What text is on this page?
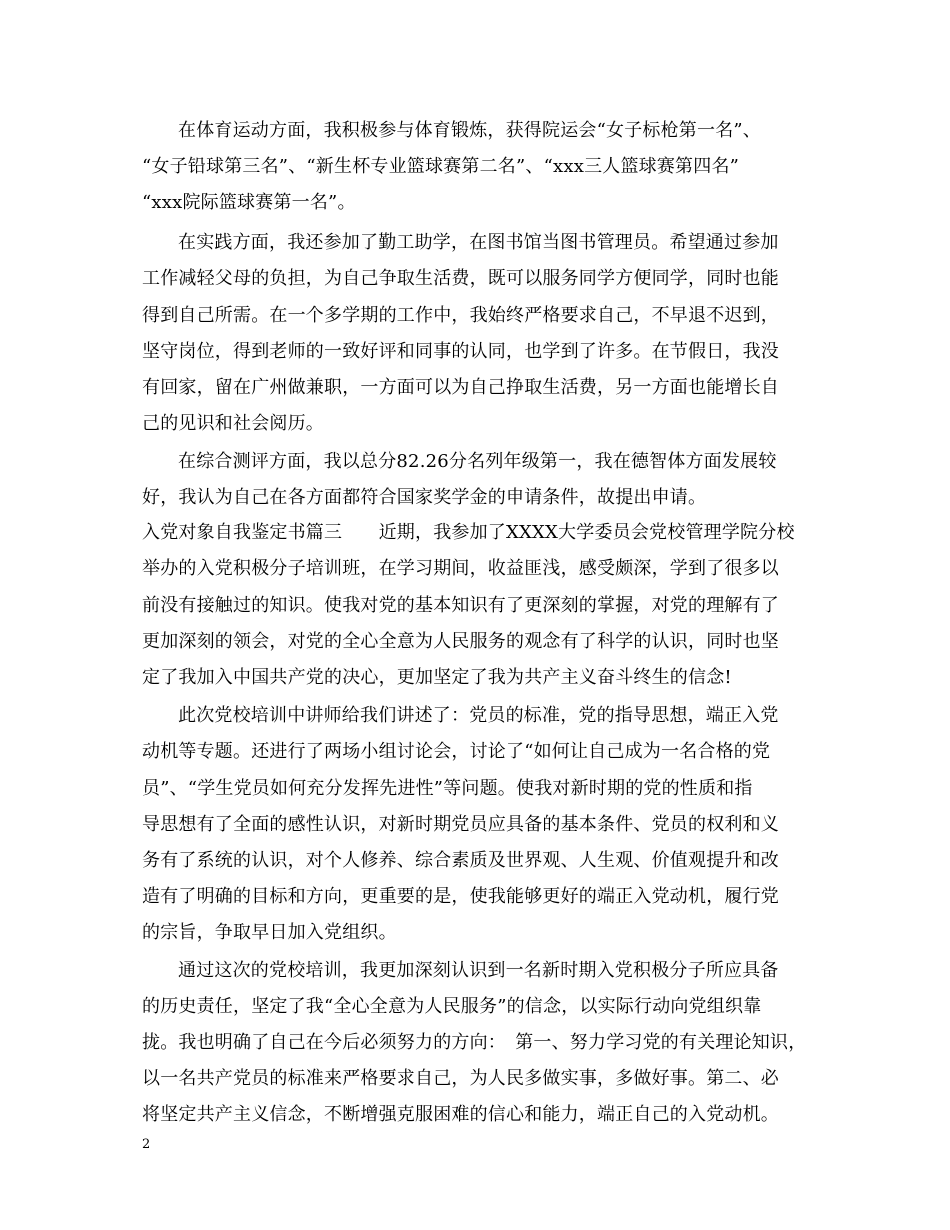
在体育运动方面，我积极参与体育锻炼，获得院运会“女子标枪第一名”、
“女子铅球第三名”、“新生杯专业篮球赛第二名”、“xxx三人篮球赛第四名”
“xxx院际篮球赛第一名”。
在实践方面，我还参加了勤工助学，在图书馆当图书管理员。希望通过参加
工作减轻父母的负担，为自己争取生活费，既可以服务同学方便同学，同时也能
得到自己所需。在一个多学期的工作中，我始终严格要求自己，不早退不迟到，
坚守岗位，得到老师的一致好评和同事的认同，也学到了许多。在节假日，我没
有回家，留在广州做兼职，一方面可以为自己挣取生活费，另一方面也能增长自
己的见识和社会阅历。
在综合测评方面，我以总分82.26分名列年级第一，我在德智体方面发展较
好，我认为自己在各方面都符合国家奖学金的申请条件，故提出申请。
入党对象自我鉴定书篇三　　近期，我参加了XXXX大学委员会党校管理学院分校
举办的入党积极分子培训班，在学习期间，收益匪浅，感受颇深，学到了很多以
前没有接触过的知识。使我对党的基本知识有了更深刻的掌握，对党的理解有了
更加深刻的领会，对党的全心全意为人民服务的观念有了科学的认识，同时也坚
定了我加入中国共产党的决心，更加坚定了我为共产主义奋斗终生的信念!
此次党校培训中讲师给我们讲述了：党员的标准，党的指导思想，端正入党
动机等专题。还进行了两场小组讨论会，讨论了“如何让自己成为一名合格的党
员”、“学生党员如何充分发挥先进性”等问题。使我对新时期的党的性质和指
导思想有了全面的感性认识，对新时期党员应具备的基本条件、党员的权利和义
务有了系统的认识，对个人修养、综合素质及世界观、人生观、价值观提升和改
造有了明确的目标和方向，更重要的是，使我能够更好的端正入党动机，履行党
的宗旨，争取早日加入党组织。
通过这次的党校培训，我更加深刻认识到一名新时期入党积极分子所应具备
的历史责任，坚定了我“全心全意为人民服务”的信念，以实际行动向党组织靠
拢。我也明确了自己在今后必须努力的方向：　第一、努力学习党的有关理论知识，
以一名共产党员的标准来严格要求自己，为人民多做实事，多做好事。第二、必
将坚定共产主义信念，不断增强克服困难的信心和能力，端正自己的入党动机。
2
